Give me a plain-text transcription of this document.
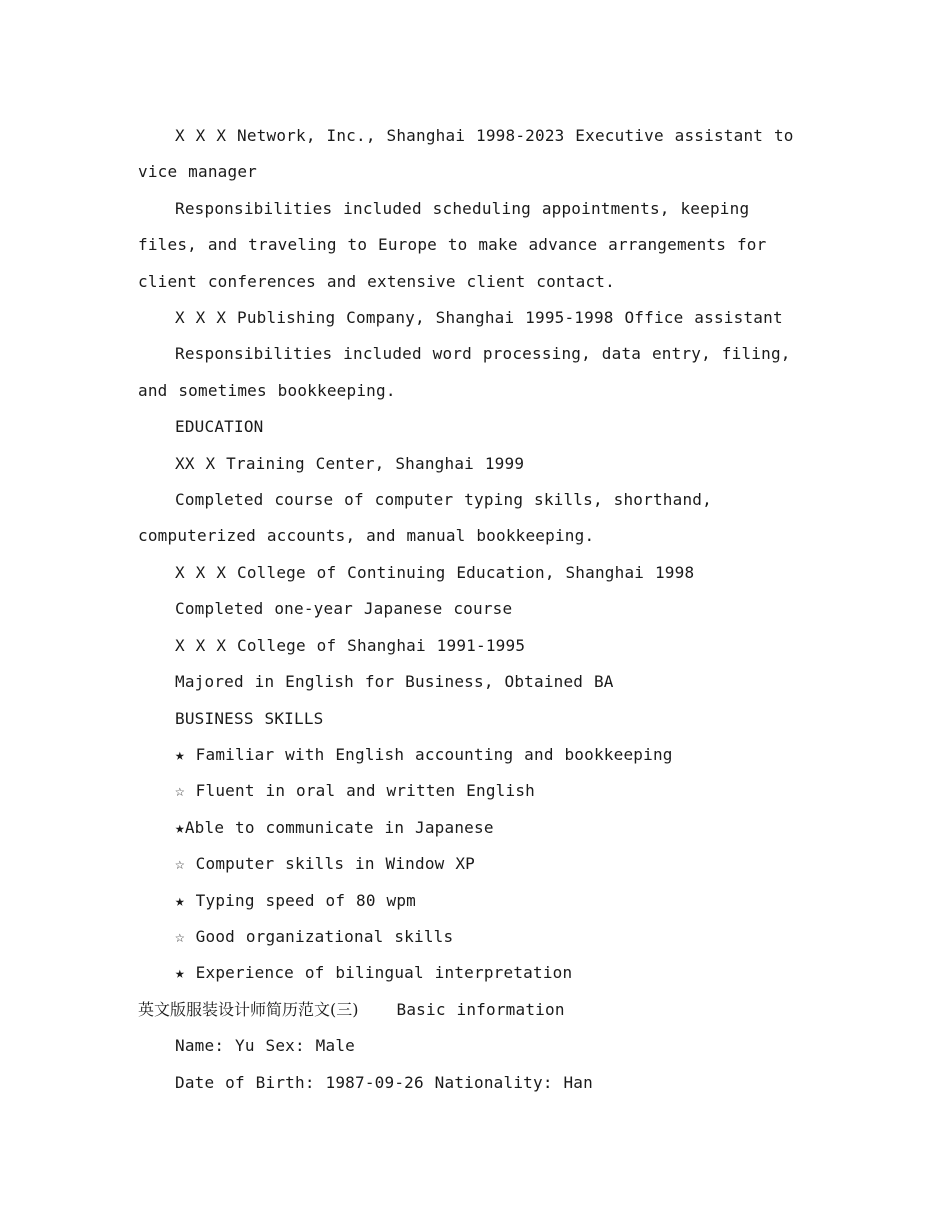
X X X Network, Inc., Shanghai 1998-2023 Executive assistant to vice manager

Responsibilities included scheduling appointments, keeping files, and traveling to Europe to make advance arrangements for client conferences and extensive client contact.

X X X Publishing Company, Shanghai 1995-1998 Office assistant

Responsibilities included word processing, data entry, filing, and sometimes bookkeeping.

EDUCATION

XX X Training Center, Shanghai 1999

Completed course of computer typing skills, shorthand, computerized accounts, and manual bookkeeping.

X X X College of Continuing Education, Shanghai 1998

Completed one-year Japanese course

X X X College of Shanghai 1991-1995

Majored in English for Business, Obtained BA

BUSINESS SKILLS

★ Familiar with English accounting and bookkeeping

☆ Fluent in oral and written English

★Able to communicate in Japanese

☆ Computer skills in Window XP

★ Typing speed of 80 wpm

☆ Good organizational skills

★ Experience of bilingual interpretation

英文版服装设计师简历范文(三) Basic information

Name: Yu Sex: Male

Date of Birth: 1987-09-26 Nationality: Han
